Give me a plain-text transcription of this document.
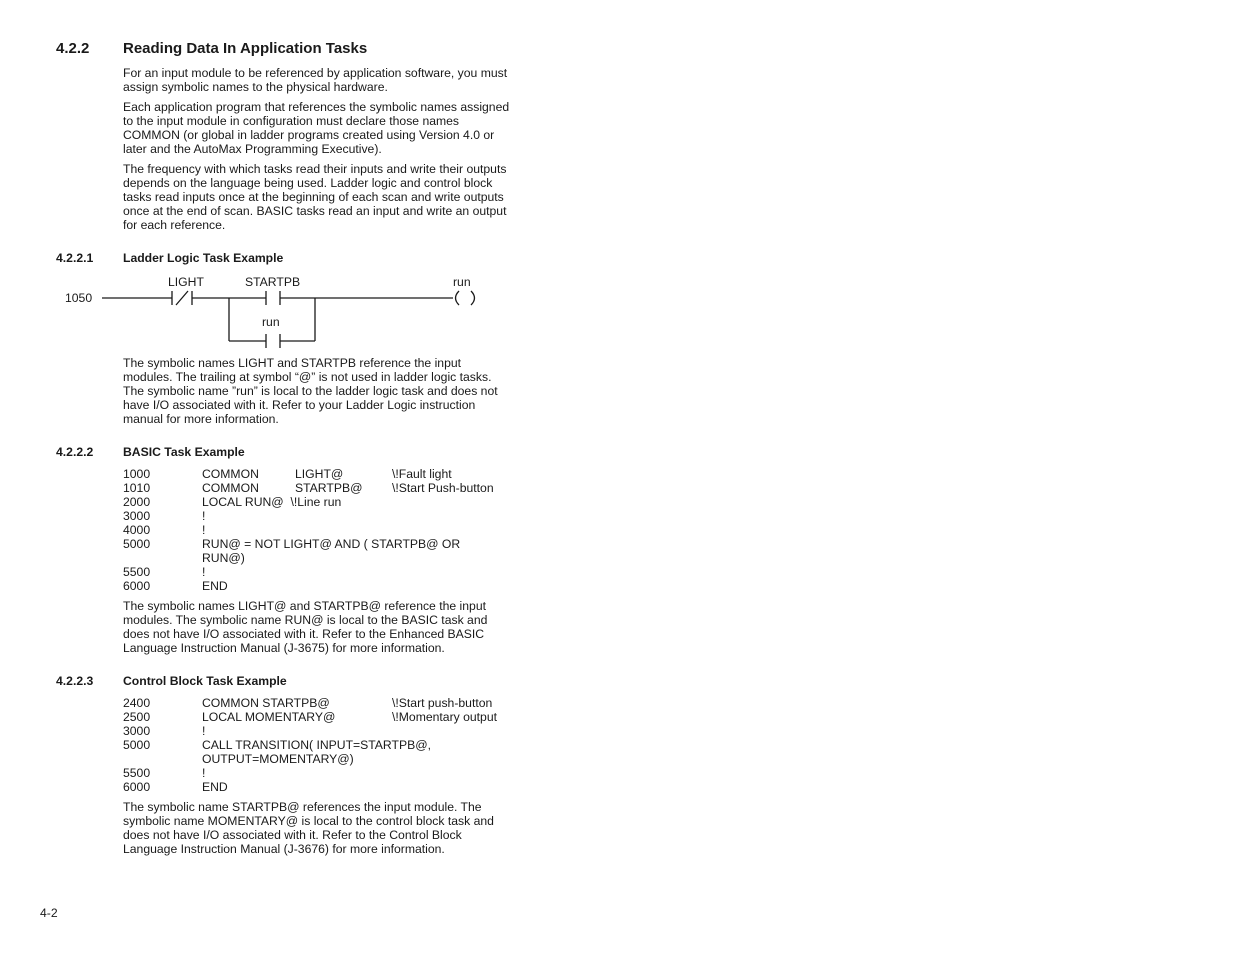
4.2.2 Reading Data In Application Tasks

For an input module to be referenced by application software, you must assign symbolic names to the physical hardware.

Each application program that references the symbolic names assigned to the input module in configuration must declare those names COMMON (or global in ladder programs created using Version 4.0 or later and the AutoMax Programming Executive).

The frequency with which tasks read their inputs and write their outputs depends on the language being used. Ladder logic and control block tasks read inputs once at the beginning of each scan and write outputs once at the end of scan. BASIC tasks read an input and write an output for each reference.

4.2.2.1 Ladder Logic Task Example
1050
LIGHT	STARTPB	run
run

The symbolic names LIGHT and STARTPB reference the input modules. The trailing at symbol “@” is not used in ladder logic tasks. The symbolic name ”run” is local to the ladder logic task and does not have I/O associated with it. Refer to your Ladder Logic instruction manual for more information.

4.2.2.2 BASIC Task Example
1000	COMMON	LIGHT@	\!Fault light
1010	COMMON	STARTPB@	\!Start Push-button
2000	LOCAL RUN@  \!Line run
3000	!
4000	!
5000	RUN@ = NOT LIGHT@ AND ( STARTPB@ OR
RUN@)
5500	!
6000	END

The symbolic names LIGHT@ and STARTPB@ reference the input modules. The symbolic name RUN@ is local to the BASIC task and does not have I/O associated with it. Refer to the Enhanced BASIC Language Instruction Manual (J-3675) for more information.

4.2.2.3 Control Block Task Example
2400	COMMON STARTPB@	\!Start push-button
2500	LOCAL MOMENTARY@	\!Momentary output
3000	!
5000	CALL TRANSITION( INPUT=STARTPB@,
OUTPUT=MOMENTARY@)
5500	!
6000	END

The symbolic name STARTPB@ references the input module. The symbolic name MOMENTARY@ is local to the control block task and does not have I/O associated with it. Refer to the Control Block Language Instruction Manual (J-3676) for more information.

4-2
